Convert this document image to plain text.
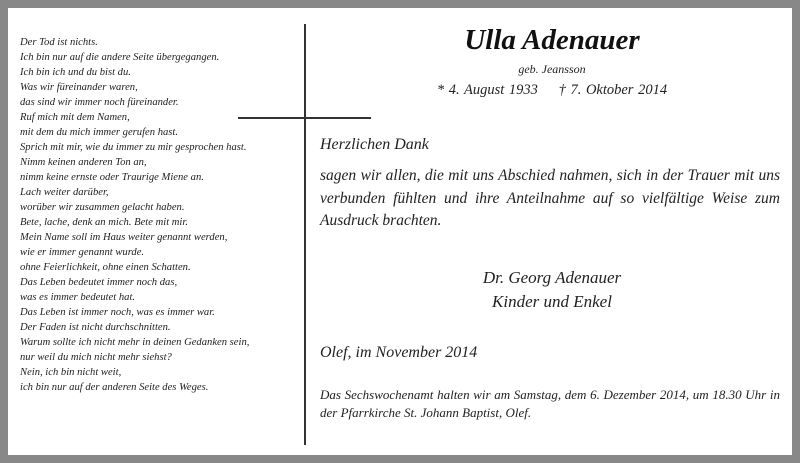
Der Tod ist nichts.
Ich bin nur auf die andere Seite übergegangen.
Ich bin ich und du bist du.
Was wir füreinander waren,
das sind wir immer noch füreinander.
Ruf mich mit dem Namen,
mit dem du mich immer gerufen hast.
Sprich mit mir, wie du immer zu mir gesprochen hast.
Nimm keinen anderen Ton an,
nimm keine ernste oder Traurige Miene an.
Lach weiter darüber,
worüber wir zusammen gelacht haben.
Bete, lache, denk an mich. Bete mit mir.
Mein Name soll im Haus weiter genannt werden,
wie er immer genannt wurde.
ohne Feierlichkeit, ohne einen Schatten.
Das Leben bedeutet immer noch das,
was es immer bedeutet hat.
Das Leben ist immer noch, was es immer war.
Der Faden ist nicht durchschnitten.
Warum sollte ich nicht mehr in deinen Gedanken sein,
nur weil du mich nicht mehr siehst?
Nein, ich bin nicht weit,
ich bin nur auf der anderen Seite des Weges.
Ulla Adenauer
geb. Jeansson
* 4. August 1933 † 7. Oktober 2014
Herzlichen Dank
sagen wir allen, die mit uns Abschied nahmen, sich in der Trauer mit uns verbunden fühlten und ihre Anteilnahme auf so vielfältige Weise zum Ausdruck brachten.
Dr. Georg Adenauer
Kinder und Enkel
Olef, im November 2014
Das Sechswochenamt halten wir am Samstag, dem 6. Dezember 2014, um 18.30 Uhr in der Pfarrkirche St. Johann Baptist, Olef.
